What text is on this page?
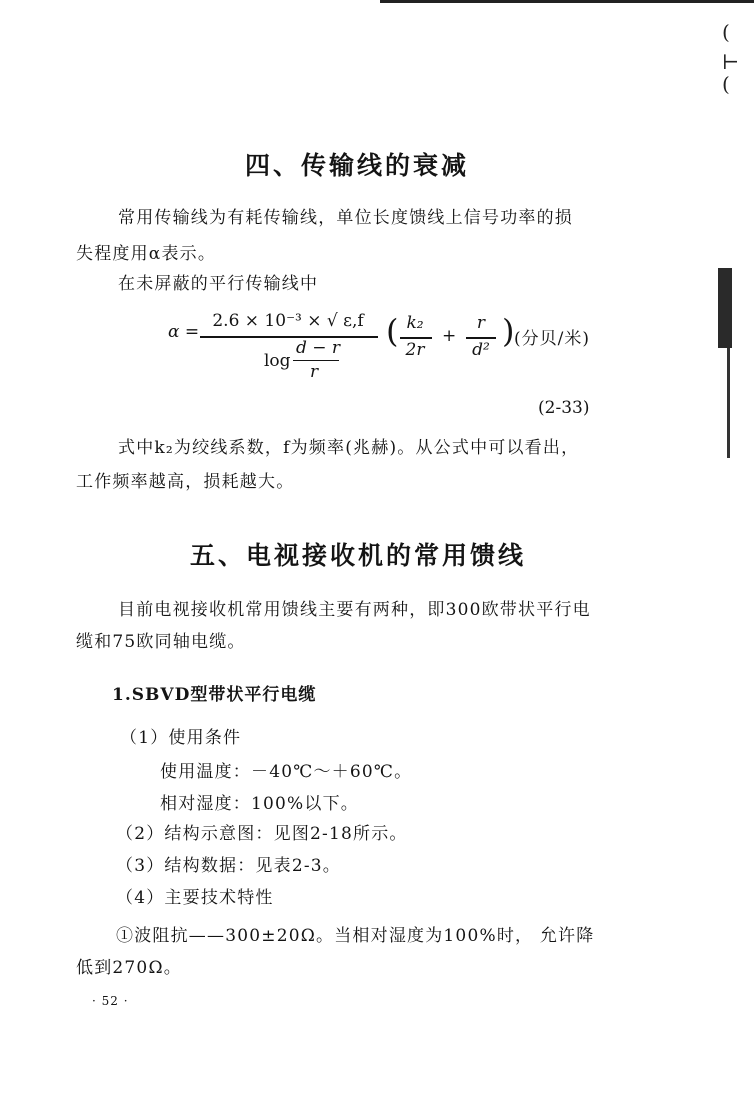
(
⊢
(
四、传输线的衰减
常用传输线为有耗传输线，单位长度馈线上信号功率的损
失程度用α表示。
在未屏蔽的平行传输线中
α =
2.6 × 10⁻³ × √ ε,f
log
d − r
r
( k₂
2r
+
r
d² ) (分贝/米)
(2-33)
式中k₂为绞线系数，f为频率(兆赫)。从公式中可以看出，
工作频率越高，损耗越大。
五、电视接收机的常用馈线
目前电视接收机常用馈线主要有两种，即300欧带状平行电
缆和75欧同轴电缆。
1.SBVD型带状平行电缆
（1）使用条件
使用温度：－40℃～＋60℃。
相对湿度：100%以下。
（2）结构示意图：见图2-18所示。
（3）结构数据：见表2-3。
（4）主要技术特性
①波阻抗——300±20Ω。当相对湿度为100%时， 允许降
低到270Ω。
· 52 ·
